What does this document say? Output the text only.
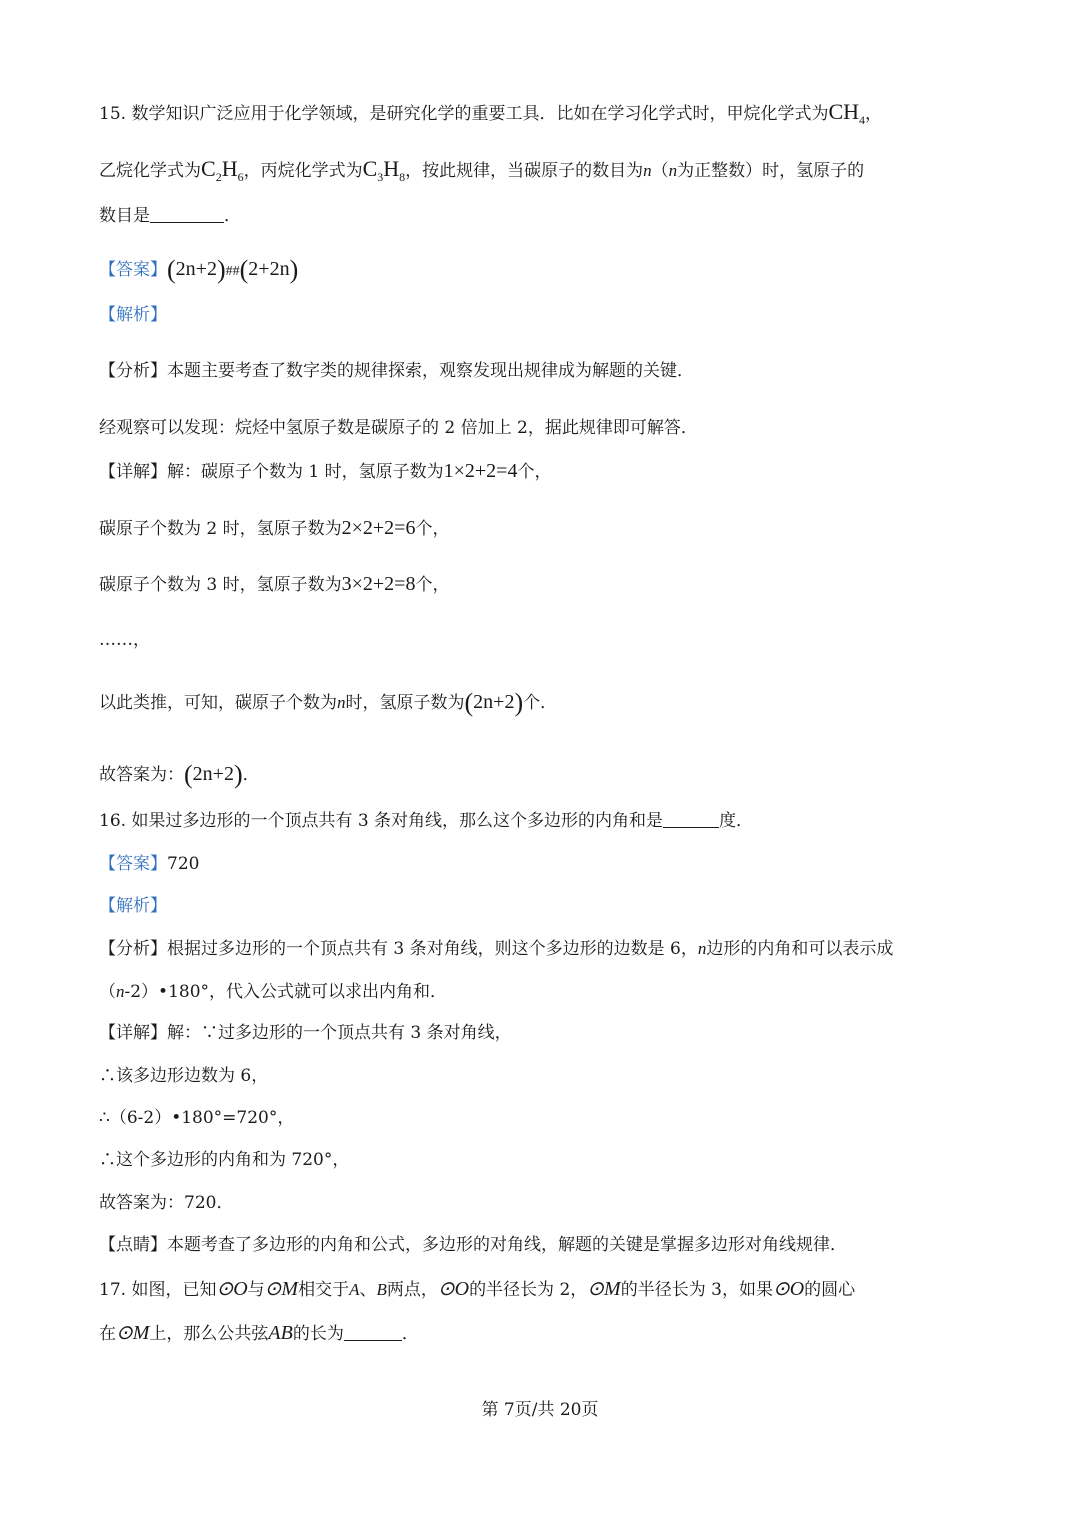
15. 数学知识广泛应用于化学领域，是研究化学的重要工具．比如在学习化学式时，甲烷化学式为$CH_4$，
乙烷化学式为$C_2H_6$，丙烷化学式为$C_3H_8$，按此规律，当碳原子的数目为n（n为正整数）时，氢原子的
数目是	．
【答案】(2n+2)##(2+2n)
【解析】
【分析】本题主要考查了数字类的规律探索，观察发现出规律成为解题的关键．
经观察可以发现：烷烃中氢原子数是碳原子的 2 倍加上 2，据此规律即可解答．
【详解】解：碳原子个数为 1 时，氢原子数为1×2+2=4个，
碳原子个数为 2 时，氢原子数为2×2+2=6个，
碳原子个数为 3 时，氢原子数为3×2+2=8个，
……，
以此类推，可知，碳原子个数为n时，氢原子数为(2n+2)个．
故答案为：(2n+2)．
16. 如果过多边形的一个顶点共有 3 条对角线，那么这个多边形的内角和是	度．
【答案】720
【解析】
【分析】根据过多边形的一个顶点共有 3 条对角线，则这个多边形的边数是 6，n边形的内角和可以表示成
（n-2）•180°，代入公式就可以求出内角和．
【详解】解：∵过多边形的一个顶点共有 3 条对角线，
∴该多边形边数为 6，
∴（6-2）•180°=720°，
∴这个多边形的内角和为 720°，
故答案为：720．
【点睛】本题考查了多边形的内角和公式，多边形的对角线，解题的关键是掌握多边形对角线规律．
17. 如图，已知⊙O与⊙M相交于A、B两点，⊙O的半径长为 2，⊙M的半径长为 3，如果⊙O的圆心
在⊙M上，那么公共弦AB的长为	．
第 7页/共 20页
